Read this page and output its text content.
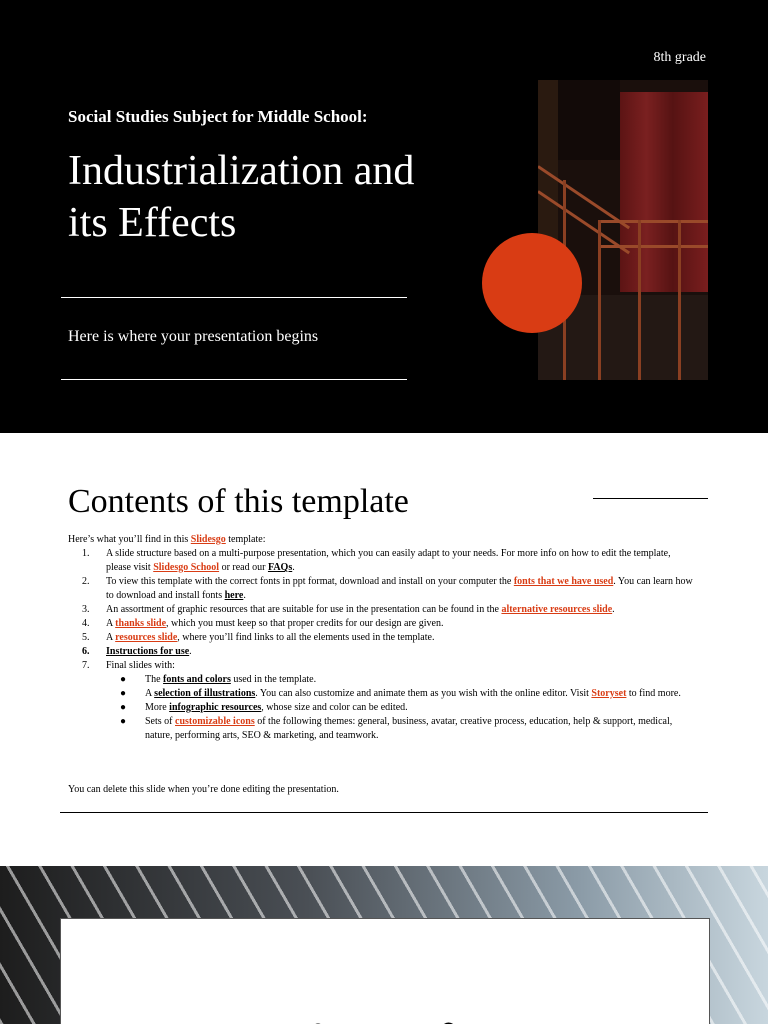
8th grade
Social Studies Subject for Middle School:
Industrialization and
its Effects
Here is where your presentation begins
Contents of this template
Here’s what you’ll find in this Slidesgo template:
1. A slide structure based on a multi-purpose presentation, which you can easily adapt to your needs. For more info on how to edit the template, please visit Slidesgo School or read our FAQs.
2. To view this template with the correct fonts in ppt format, download and install on your computer the fonts that we have used. You can learn how to download and install fonts here.
3. An assortment of graphic resources that are suitable for use in the presentation can be found in the alternative resources slide.
4. A thanks slide, which you must keep so that proper credits for our design are given.
5. A resources slide, where you’ll find links to all the elements used in the template.
6. Instructions for use.
7. Final slides with:
● The fonts and colors used in the template.
● A selection of illustrations. You can also customize and animate them as you wish with the online editor. Visit Storyset to find more.
● More infographic resources, whose size and color can be edited.
● Sets of customizable icons of the following themes: general, business, avatar, creative process, education, help & support, medical, nature, performing arts, SEO & marketing, and teamwork.
You can delete this slide when you’re done editing the presentation.
